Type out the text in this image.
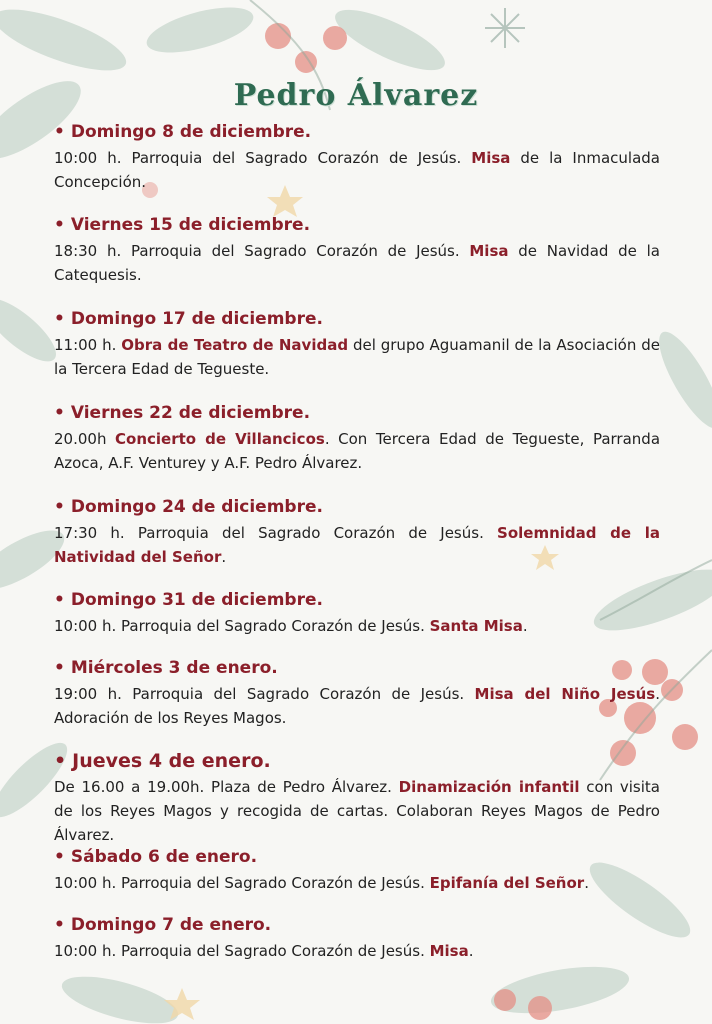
Pedro Álvarez
• Domingo 8 de diciembre.
10:00 h. Parroquia del Sagrado Corazón de Jesús. Misa de la Inmaculada Concepción.
• Viernes 15 de diciembre.
18:30 h. Parroquia del Sagrado Corazón de Jesús. Misa de Navidad de la Catequesis.
• Domingo 17 de diciembre.
11:00 h. Obra de Teatro de Navidad del grupo Aguamanil de la Asociación de la Tercera Edad de Tegueste.
• Viernes 22 de diciembre.
20.00h Concierto de Villancicos. Con Tercera Edad de Tegueste, Parranda Azoca, A.F. Venturey y A.F. Pedro Álvarez.
• Domingo 24 de diciembre.
17:30 h. Parroquia del Sagrado Corazón de Jesús. Solemnidad de la Natividad del Señor.
• Domingo 31 de diciembre.
10:00 h. Parroquia del Sagrado Corazón de Jesús. Santa Misa.
• Miércoles 3 de enero.
19:00 h. Parroquia del Sagrado Corazón de Jesús. Misa del Niño Jesús. Adoración de los Reyes Magos.
• Jueves 4 de enero.
De 16.00 a 19.00h. Plaza de Pedro Álvarez. Dinamización infantil con visita de los Reyes Magos y recogida de cartas. Colaboran Reyes Magos de Pedro Álvarez.
• Sábado 6 de enero.
10:00 h. Parroquia del Sagrado Corazón de Jesús. Epifanía del Señor.
• Domingo 7 de enero.
10:00 h. Parroquia del Sagrado Corazón de Jesús. Misa.
